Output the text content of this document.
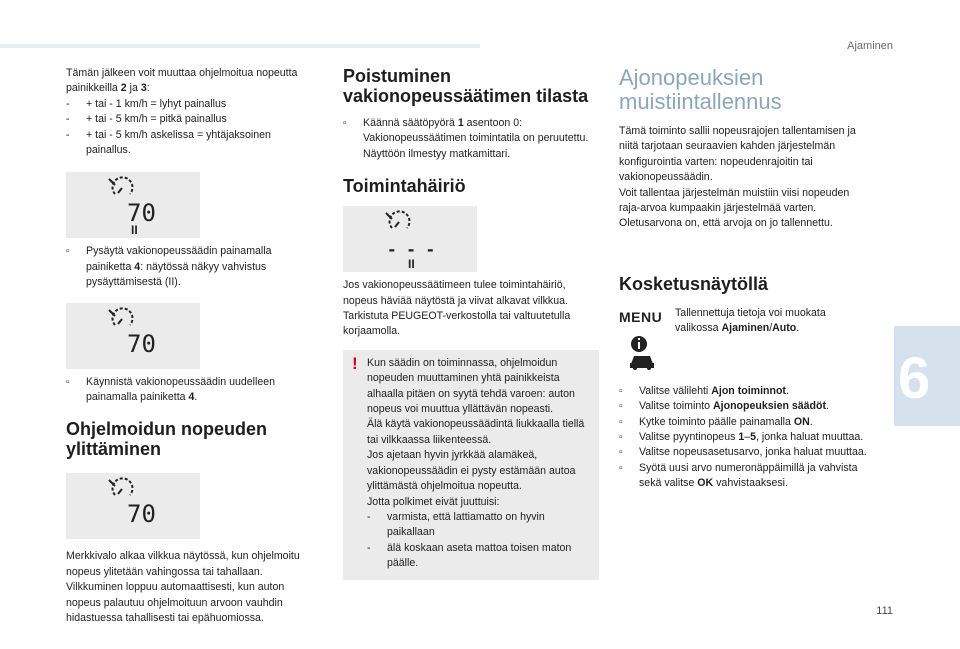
Ajaminen
6
111

Tämän jälkeen voit muuttaa ohjelmoitua nopeutta painikkeilla 2 ja 3:

- + tai - 1 km/h = lyhyt painallus
- + tai - 5 km/h = pitkä painallus
- + tai - 5 km/h askelissa = yhtäjaksoinen painallus.
70
II
▫ Pysäytä vakionopeussäädin painamalla painiketta 4: näytössä näkyy vahvistus pysäyttämisestä (II).
70
▫ Käynnistä vakionopeussäädin uudelleen painamalla painiketta 4.
Ohjelmoidun nopeuden ylittäminen
70

Merkkivalo alkaa vilkkua näytössä, kun ohjelmoitu nopeus ylitetään vahingossa tai tahallaan.

Vilkkuminen loppuu automaattisesti, kun auton nopeus palautuu ohjelmoituun arvoon vauhdin hidastuessa tahallisesti tai epähuomiossa.

Poistuminen vakionopeussäätimen tilasta
▫ Käännä säätöpyörä 1 asentoon 0: Vakionopeussäätimen toimintatila on peruutettu. Näyttöön ilmestyy matkamittari.
Toimintahäiriö
- - -
II

Jos vakionopeussäätimeen tulee toimintahäiriö, nopeus häviää näytöstä ja viivat alkavat vilkkua. Tarkistuta PEUGEOT-verkostolla tai valtuutetulla korjaamolla.

! Kun säädin on toiminnassa, ohjelmoidun nopeuden muuttaminen yhtä painikkeista alhaalla pitäen on syytä tehdä varoen: auton nopeus voi muuttua yllättävän nopeasti.

Älä käytä vakionopeussäädintä liukkaalla tiellä tai vilkkaassa liikenteessä.

Jos ajetaan hyvin jyrkkää alamäkeä, vakionopeussäädin ei pysty estämään autoa ylittämästä ohjelmoitua nopeutta.

Jotta polkimet eivät juuttuisi:

- varmista, että lattiamatto on hyvin paikallaan
- älä koskaan aseta mattoa toisen maton päälle.
Ajonopeuksien muistiintallennus

Tämä toiminto sallii nopeusrajojen tallentamisen ja niitä tarjotaan seuraavien kahden järjestelmän konfigurointia varten: nopeudenrajoitin tai vakionopeussäädin.

Voit tallentaa järjestelmän muistiin viisi nopeuden raja-arvoa kumpaakin järjestelmää varten.

Oletusarvona on, että arvoja on jo tallennettu.

Kosketusnäytöllä
MENU Tallennettuja tietoja voi muokata valikossa Ajaminen/Auto.

▫ Valitse välilehti Ajon toiminnot.
▫ Valitse toiminto Ajonopeuksien säädöt.
▫ Kytke toiminto päälle painamalla ON.
▫ Valitse pyyntinopeus 1–5, jonka haluat muuttaa.
▫ Valitse nopeusasetusarvo, jonka haluat muuttaa.
▫ Syötä uusi arvo numeronäppäimillä ja vahvista sekä valitse OK vahvistaaksesi.
